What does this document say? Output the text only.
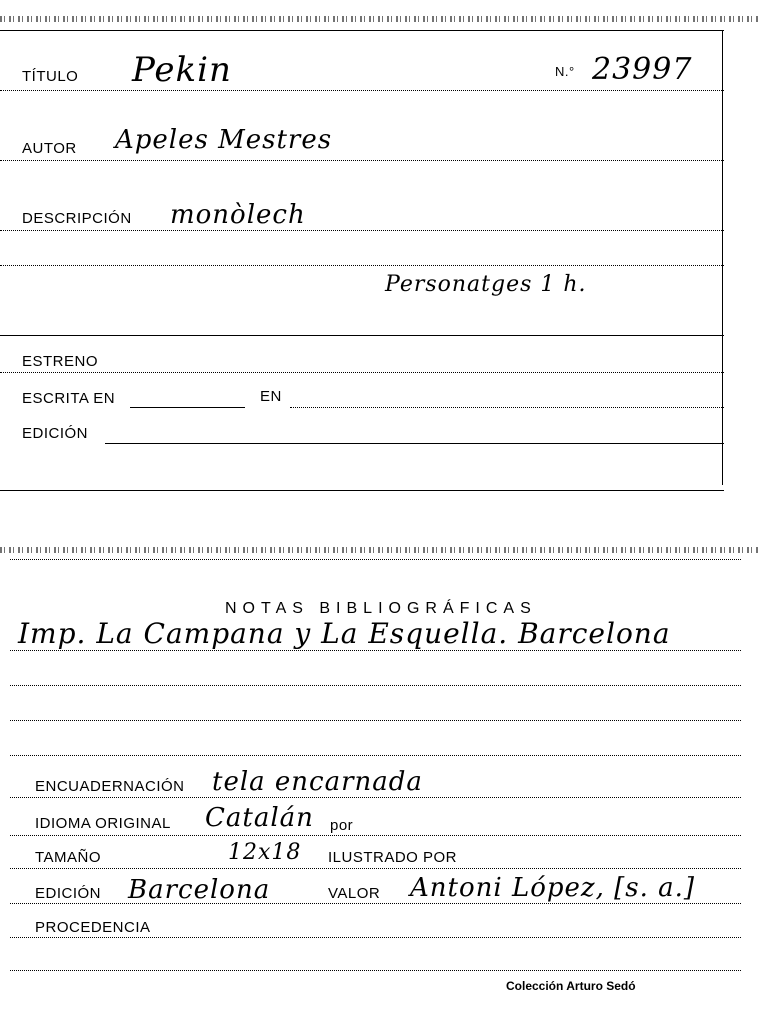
TÍTULO Pekin	N.° 23997
AUTOR Apeles Mestres
DESCRIPCIÓN monòlech
Personatges 1 h.
ESTRENO
ESCRITA EN	EN
EDICIÓN
NOTAS BIBLIOGRÁFICAS
Imp. La Campana y La Esquella. Barcelona
ENCUADERNACIÓN tela encarnada
IDIOMA ORIGINAL Catalán por
TAMAÑO	12x18 ILUSTRADO POR
EDICIÓN Barcelona	VALOR Antoni López, [s. a.]
PROCEDENCIA
Colección Arturo Sedó
